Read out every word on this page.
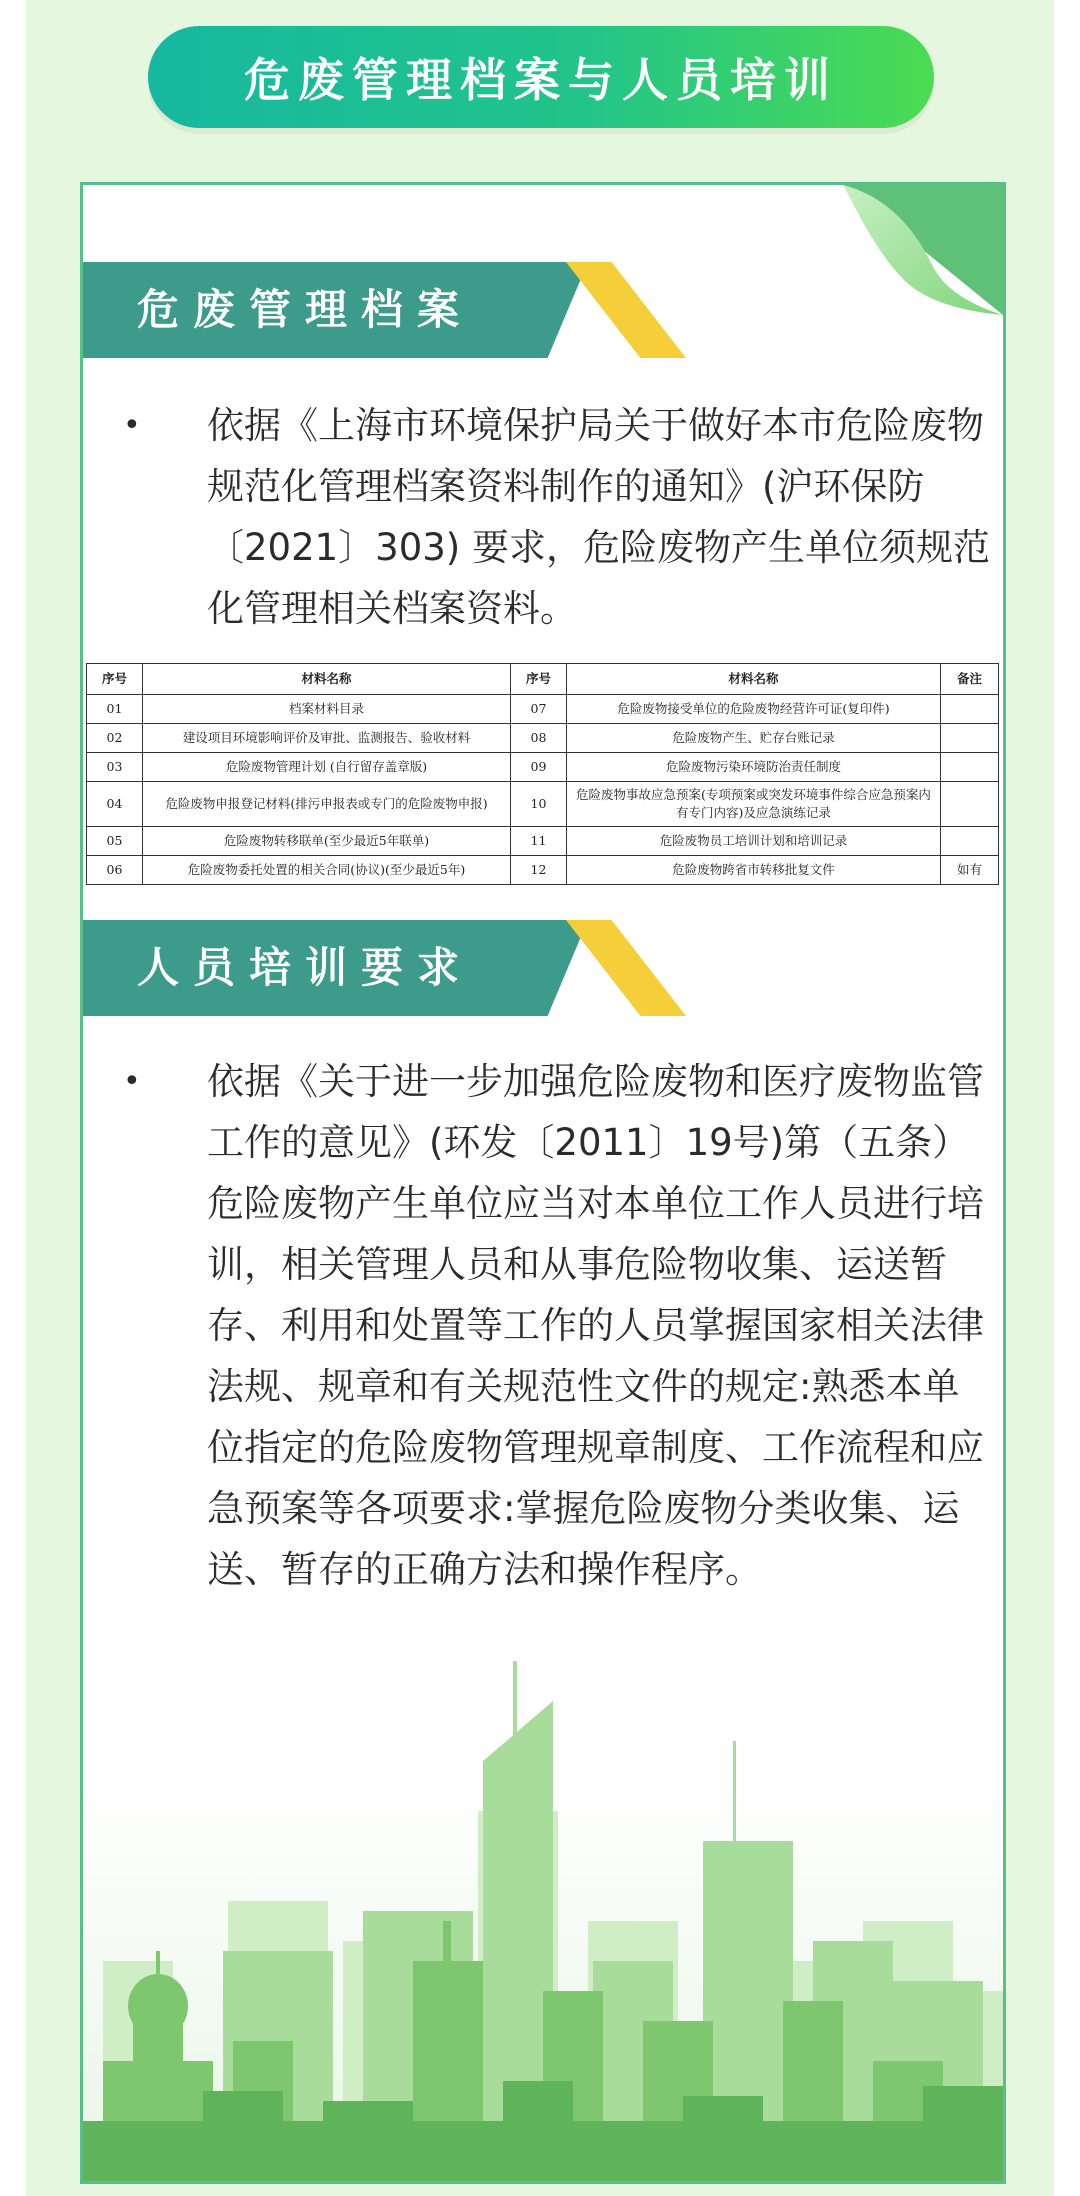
危废管理档案与人员培训
危废管理档案
•	依据《上海市环境保护局关于做好本市危险废物规范化管理档案资料制作的通知》(沪环保防〔2021〕303) 要求，危险废物产生单位须规范化管理相关档案资料。
序号	材料名称	序号	材料名称	备注
01	档案材料目录	07	危险废物接受单位的危险废物经营许可证(复印件)	
02	建设项目环境影响评价及审批、监测报告、验收材料	08	危险废物产生、贮存台账记录	
03	危险废物管理计划 (自行留存盖章版)	09	危险废物污染环境防治责任制度	
04	危险废物申报登记材料(排污申报表或专门的危险废物申报)	10	危险废物事故应急预案(专项预案或突发环境事件综合应急预案内有专门内容)及应急演练记录	
05	危险废物转移联单(至少最近5年联单)	11	危险废物员工培训计划和培训记录	
06	危险废物委托处置的相关合同(协议)(至少最近5年)	12	危险废物跨省市转移批复文件	如有
人员培训要求
•	依据《关于进一步加强危险废物和医疗废物监管工作的意见》(环发〔2011〕19号)第（五条）危险废物产生单位应当对本单位工作人员进行培训，相关管理人员和从事危险物收集、运送暂存、利用和处置等工作的人员掌握国家相关法律法规、规章和有关规范性文件的规定:熟悉本单位指定的危险废物管理规章制度、工作流程和应急预案等各项要求:掌握危险废物分类收集、运送、暂存的正确方法和操作程序。
